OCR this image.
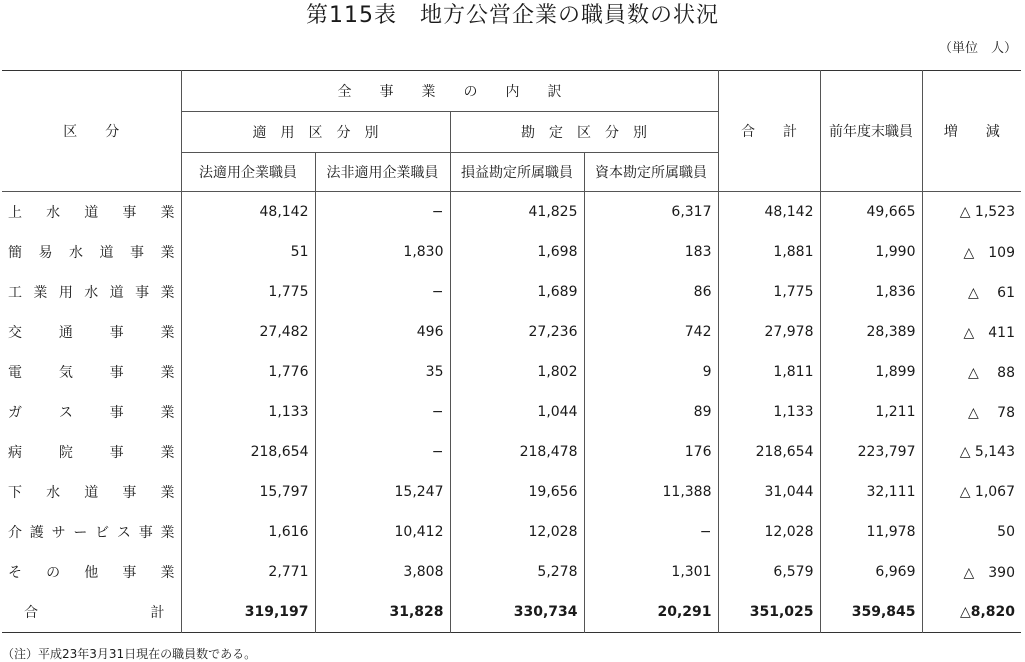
第115表　地方公営企業の職員数の状況
（単位　人）
区　　分	全　　事　　業　　の　　内　　訳				合　　計	前年度末職員	増　　減
	適　用　区　分　別		勘　定　区　分　別				
	法適用企業職員	法非適用企業職員	損益勘定所属職員	資本勘定所属職員			
上水道事業	48,142	−	41,825	6,317	48,142	49,665	△ 1,523
簡易水道事業	51	1,830	1,698	183	1,881	1,990	△　109
工業用水道事業	1,775	−	1,689	86	1,775	1,836	△　 61
交通事業	27,482	496	27,236	742	27,978	28,389	△　411
電気事業	1,776	35	1,802	9	1,811	1,899	△　 88
ガス事業	1,133	−	1,044	89	1,133	1,211	△　 78
病院事業	218,654	−	218,478	176	218,654	223,797	△ 5,143
下水道事業	15,797	15,247	19,656	11,388	31,044	32,111	△ 1,067
介護サービス事業	1,616	10,412	12,028	−	12,028	11,978	50
その他事業	2,771	3,808	5,278	1,301	6,579	6,969	△　390
合計	319,197	31,828	330,734	20,291	351,025	359,845	△8,820
（注）平成23年3月31日現在の職員数である。
